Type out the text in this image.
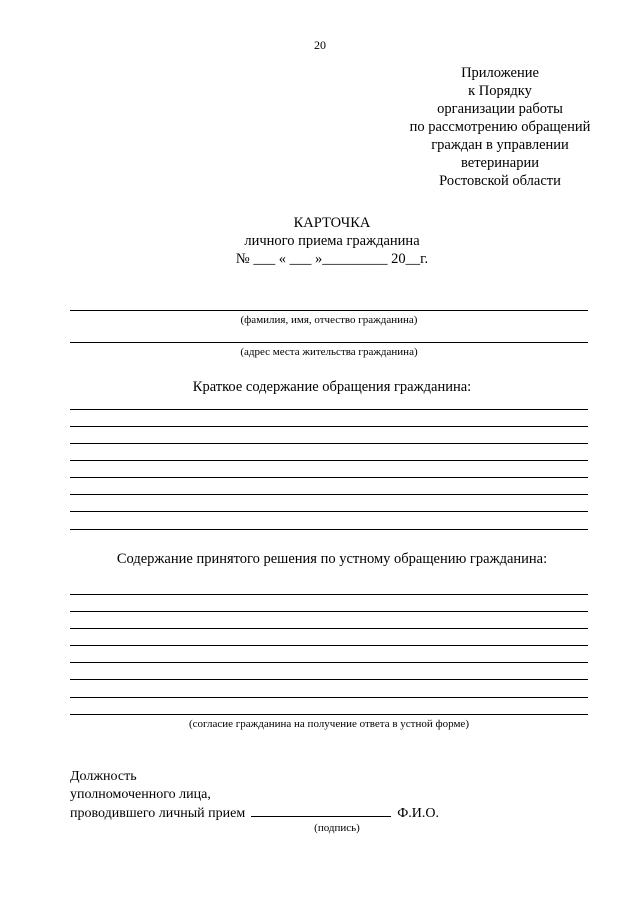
20
Приложение
к Порядку
организации работы
по рассмотрению обращений
граждан в управлении
ветеринарии
Ростовской области
КАРТОЧКА
личного приема гражданина
№ ___ « ___ »_________ 20__г.
(фамилия, имя, отчество гражданина)
(адрес места жительства гражданина)
Краткое содержание обращения гражданина:
Содержание принятого решения по устному обращению гражданина:
(согласие гражданина на получение ответа в устной форме)
Должность
уполномоченного лица,
проводившего личный прием	Ф.И.О.
(подпись)
